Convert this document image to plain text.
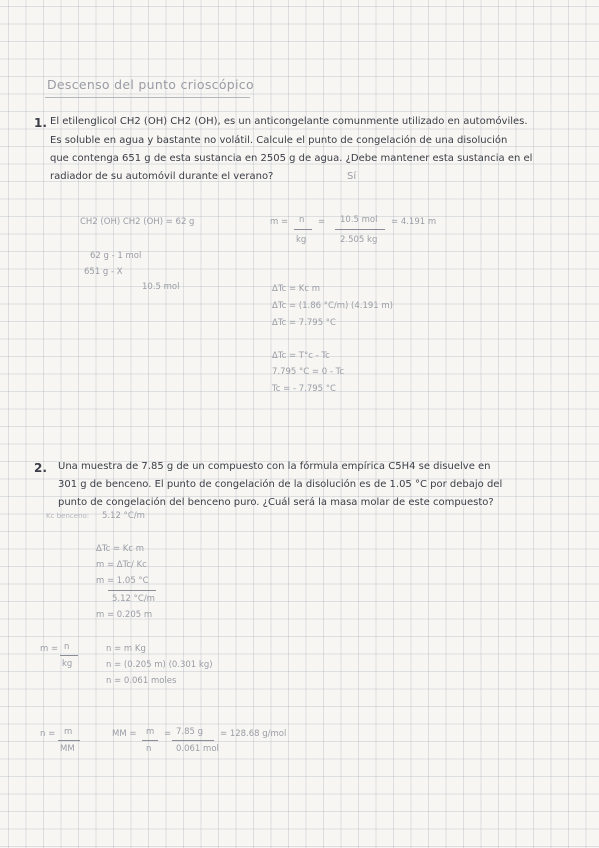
Descenso del punto crioscópico
1. El etilenglicol CH2 (OH) CH2 (OH), es un anticongelante comunmente utilizado en automóviles.
Es soluble en agua y bastante no volátil. Calcule el punto de congelación de una disolución
que contenga 651 g de esta sustancia en 2505 g de agua. ¿Debe mantener esta sustancia en el
radiador de su automóvil durante el verano?	Sí
CH2 (OH) CH2 (OH) = 62 g	m = n = 10.5 mol = 4.191 m
kg	2.505 kg
62 g - 1 mol
651 g - X
10.5 mol	ΔTc = Kc m
ΔTc = (1.86 °C/m) (4.191 m)
ΔTc = 7.795 °C
ΔTc = T°c - Tc
7.795 °C = 0 - Tc
Tc = - 7.795 °C
2. Una muestra de 7.85 g de un compuesto con la fórmula empírica C5H4 se disuelve en
301 g de benceno. El punto de congelación de la disolución es de 1.05 °C por debajo del
punto de congelación del benceno puro. ¿Cuál será la masa molar de este compuesto?
Kc benceno: 5.12 °C/m
ΔTc = Kc m
m = ΔTc/ Kc
m = 1.05 °C
5.12 °C/m
m = 0.205 m
m = n
kg
n = m Kg
n = (0.205 m) (0.301 kg)
n = 0.061 moles
n = m
MM
MM = m = 7.85 g = 128.68 g/mol
n	0.061 mol
